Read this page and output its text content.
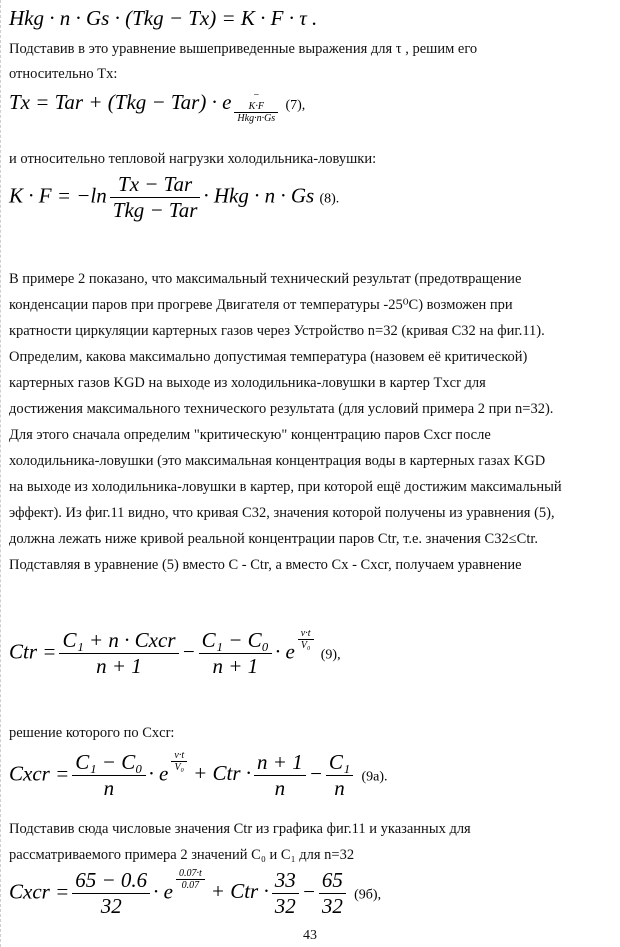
Hkg · n · Gs · (Tkg − Tx) = K · F · τ .
Подставив в это уравнение вышеприведенные выражения для τ , решим его
относительно Tx:
Tx = Tar + (Tkg − Tar) · e −
K·F
Hkg·n·Gs
(7),
и относительно тепловой нагрузки холодильника-ловушки:
$K \cdot F = -\ln \frac{\text{Tx − Tar}}{\text{Tkg − Tar}}$ · Hkg · n · Gs (8).
В примере 2 показано, что максимальный технический результат (предотвращение
конденсации паров при прогреве Двигателя от температуры -25⁰C) возможен при
кратности циркуляции картерных газов через Устройство n=32 (кривая С32 на фиг.11).
Определим, какова максимально допустимая температура (назовем её критической)
картерных газов KGD на выходе из холодильника-ловушки в картер Txcr для
достижения максимального технического результата (для условий примера 2 при n=32).
Для этого сначала определим "критическую" концентрацию паров Cxcr после
холодильника-ловушки (это максимальная концентрация воды в картерных газах KGD
на выходе из холодильника-ловушки в картер, при которой ещё достижим максимальный
эффект). Из фиг.11 видно, что кривая С32, значения которой получены из уравнения (5),
должна лежать ниже кривой реальной концентрации паров Ctr, т.е. значения С32≤Ctr.
Подставляя в уравнение (5) вместо C - Ctr, а вместо Cx - Cxcr, получаем уравнение
Ctr = $\frac{\text{C₁ + n · Cxcr}}{n + 1} - \frac{\text{C₁ − C₀}}{n + 1} \cdot e$
v·t
V₀
(9),
решение которого по Cxcr:
Cxcr = $\frac{\text{C₁ − C₀}}{n} \cdot e$
v·t
V₀ + Ctr · $\frac{n + 1}{n} - \frac{\text{C₁}}{n} (9a)$.
Подставив сюда числовые значения Ctr из графика фиг.11 и указанных для
рассматриваемого примера 2 значений C₀ и C₁ для n=32
Cxcr = $\frac{65 - 0.6}{32} \cdot e$
0.07·t
0.07 + Ctr · $\frac{33}{32} - \frac{65}{32} (9б)$,
43
